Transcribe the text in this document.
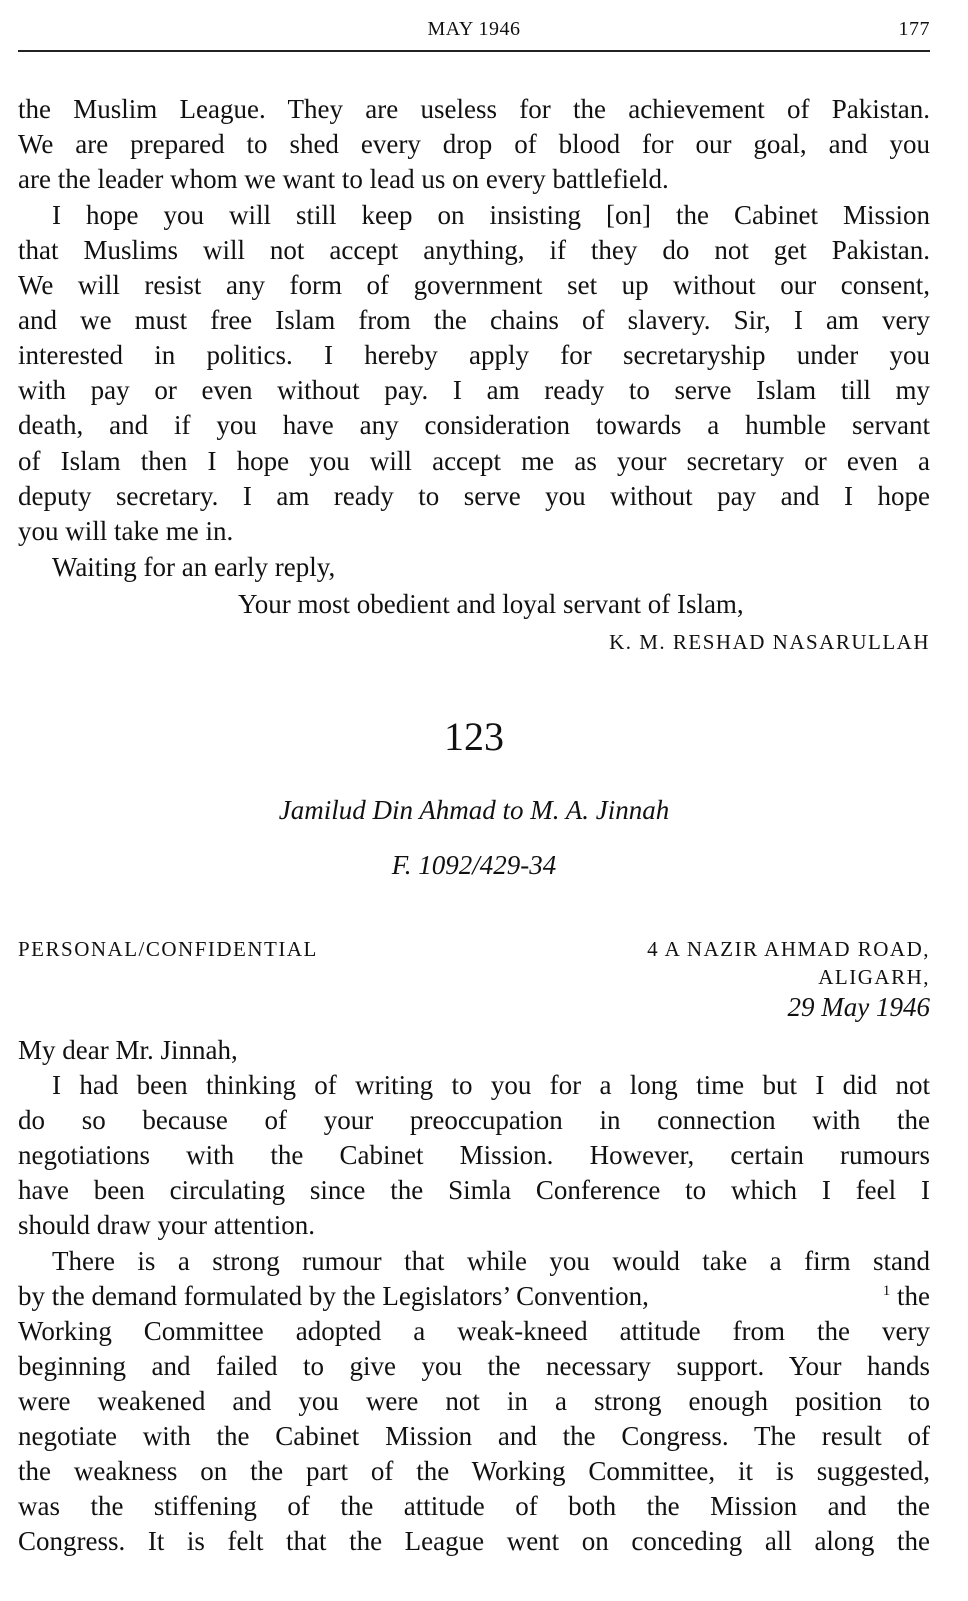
MAY 1946	177
the Muslim League. They are useless for the achievement of Pakistan.
We are prepared to shed every drop of blood for our goal, and you
are the leader whom we want to lead us on every battlefield.
I hope you will still keep on insisting [on] the Cabinet Mission
that Muslims will not accept anything, if they do not get Pakistan.
We will resist any form of government set up without our consent,
and we must free Islam from the chains of slavery. Sir, I am very
interested in politics. I hereby apply for secretaryship under you
with pay or even without pay. I am ready to serve Islam till my
death, and if you have any consideration towards a humble servant
of Islam then I hope you will accept me as your secretary or even a
deputy secretary. I am ready to serve you without pay and I hope
you will take me in.
Waiting for an early reply,
Your most obedient and loyal servant of Islam,
K. M. RESHAD NASARULLAH
123
Jamilud Din Ahmad to M. A. Jinnah
F. 1092/429-34
PERSONAL/CONFIDENTIAL	4 A NAZIR AHMAD ROAD,
ALIGARH,
29 May 1946
My dear Mr. Jinnah,
I had been thinking of writing to you for a long time but I did not
do so because of your preoccupation in connection with the
negotiations with the Cabinet Mission. However, certain rumours
have been circulating since the Simla Conference to which I feel I
should draw your attention.
There is a strong rumour that while you would take a firm stand
by the demand formulated by the Legislators’ Convention,	$^1$ the
Working Committee adopted a weak-kneed attitude from the very
beginning and failed to give you the necessary support. Your hands
were weakened and you were not in a strong enough position to
negotiate with the Cabinet Mission and the Congress. The result of
the weakness on the part of the Working Committee, it is suggested,
was the stiffening of the attitude of both the Mission and the
Congress. It is felt that the League went on conceding all along the
